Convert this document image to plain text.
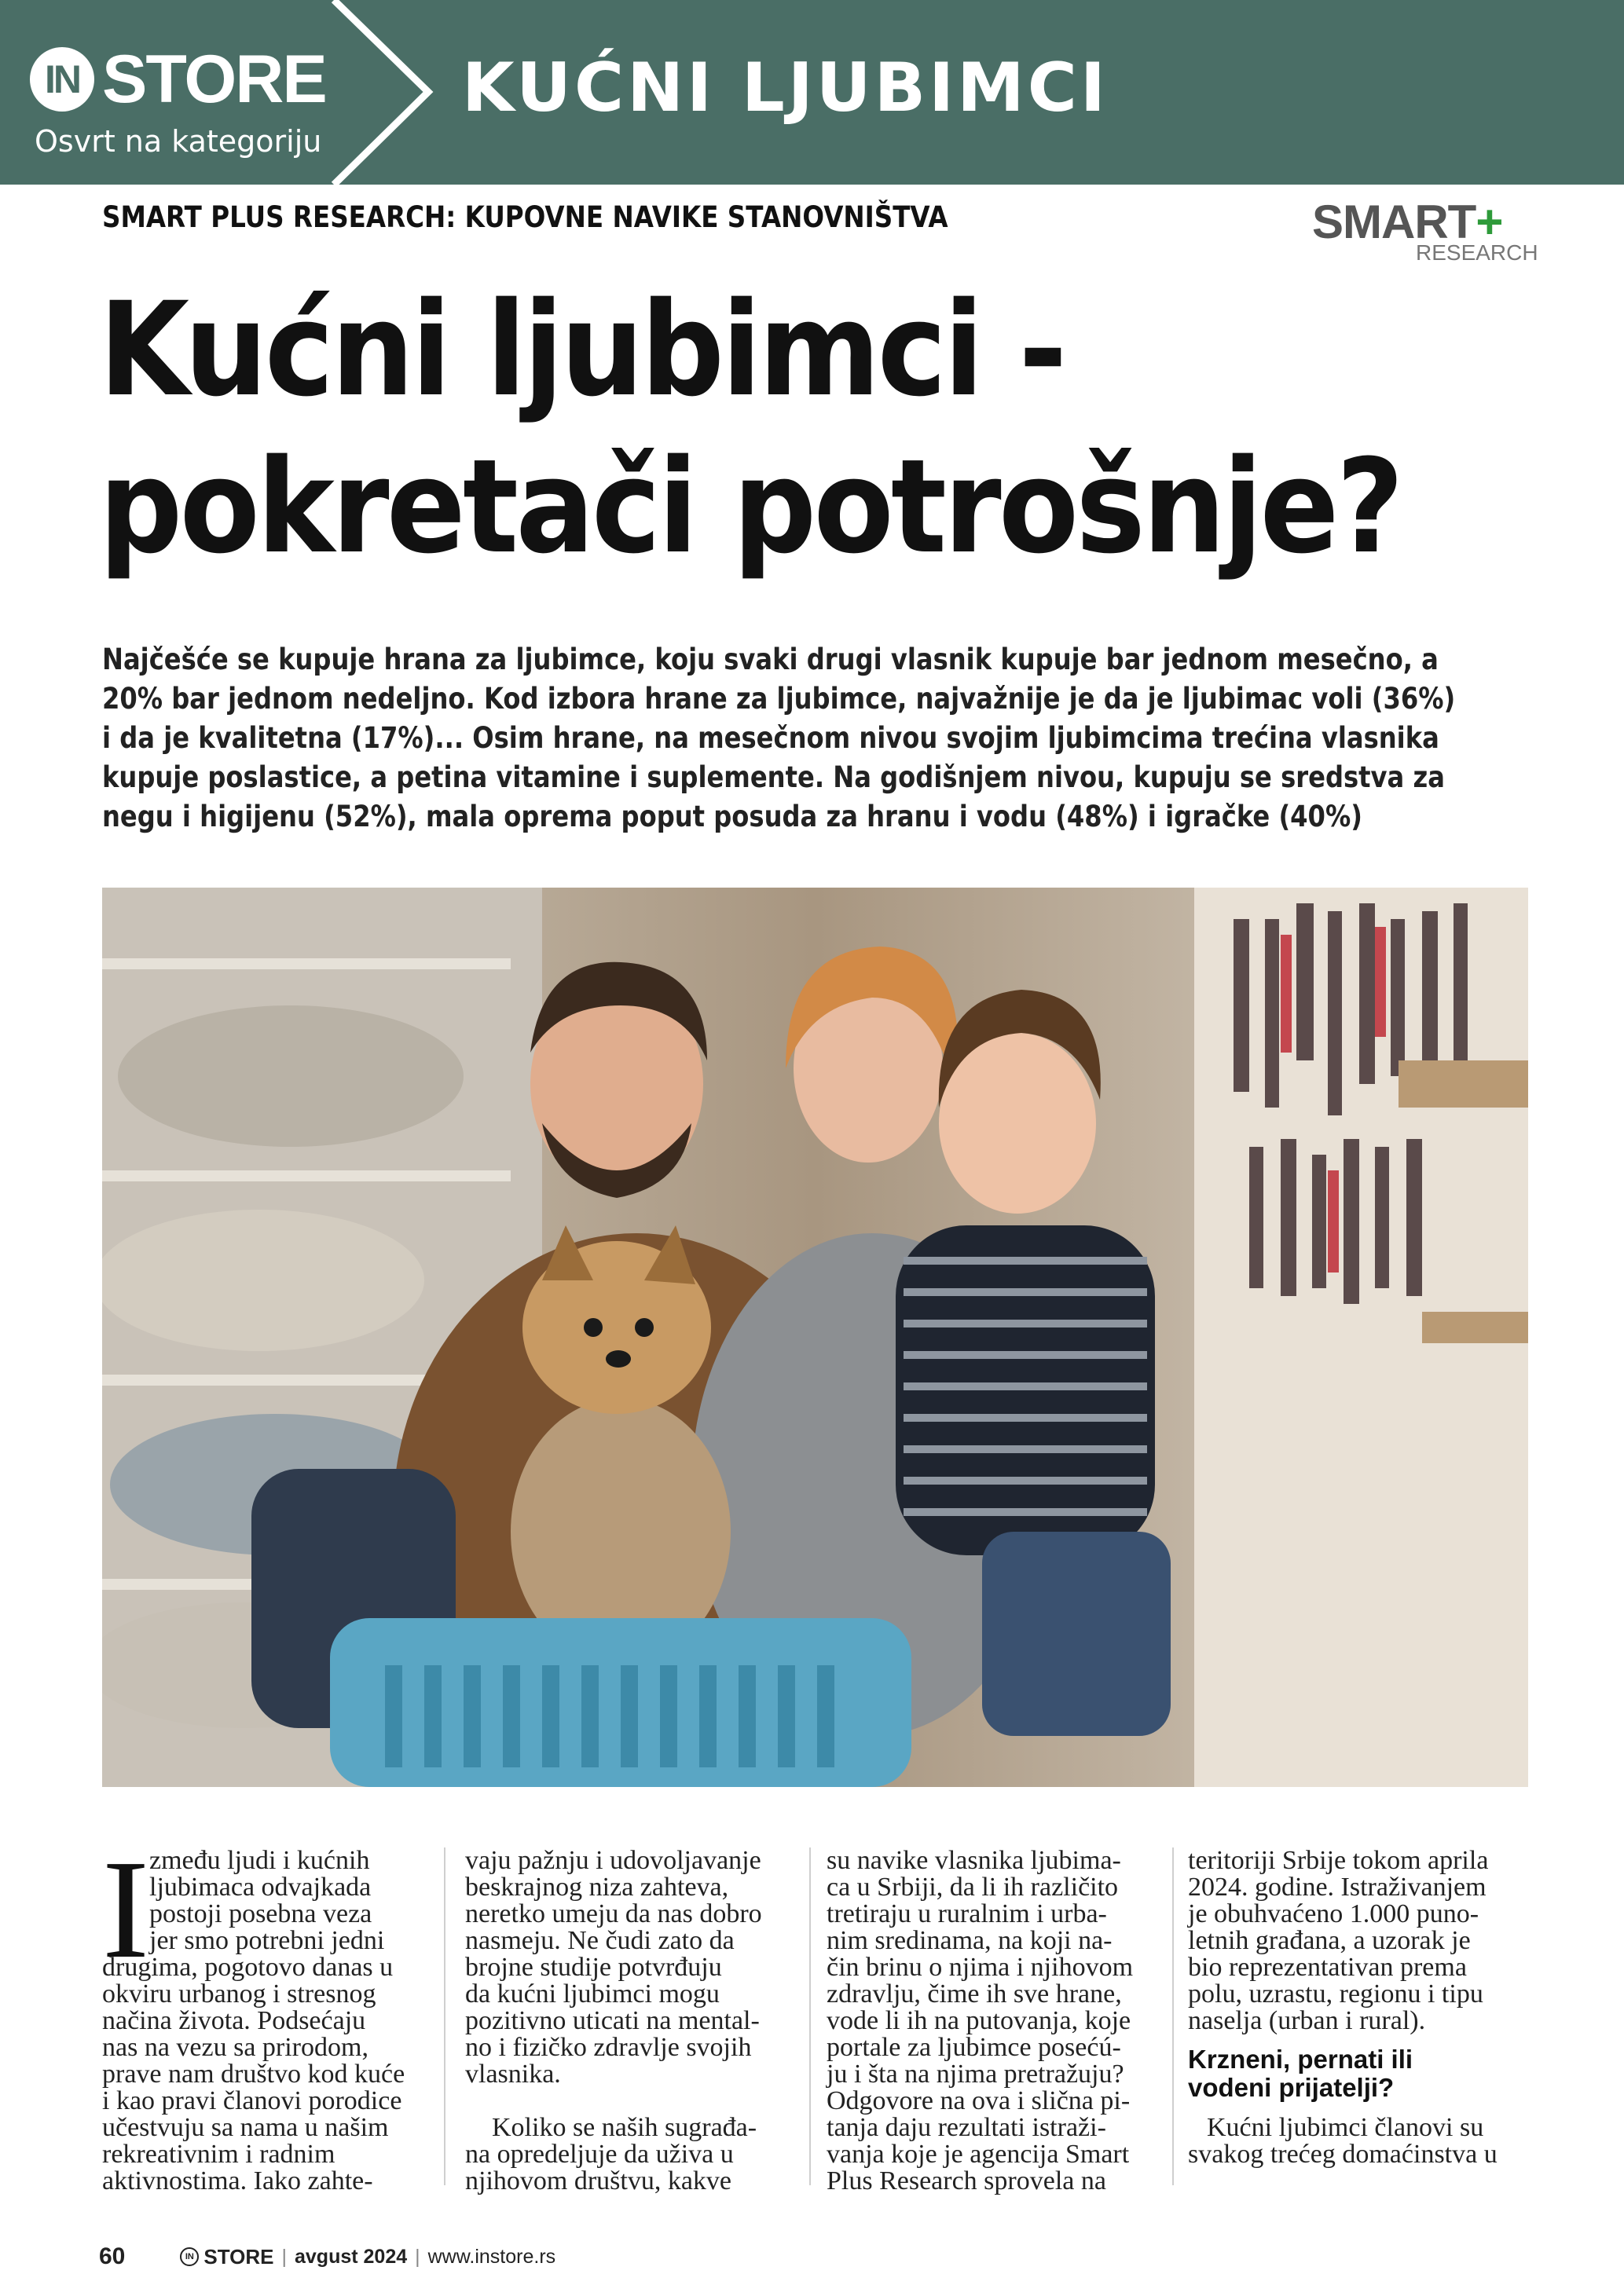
IN STORE
Osvrt na kategoriju
KUĆNI LJUBIMCI
SMART PLUS RESEARCH: KUPOVNE NAVIKE STANOVNIŠTVA	SMART+
RESEARCH
Kućni ljubimci -
pokretači potrošnje?
Najčešće se kupuje hrana za ljubimce, koju svaki drugi vlasnik kupuje bar jednom mesečno, a
20% bar jednom nedeljno. Kod izbora hrane za ljubimce, najvažnije je da je ljubimac voli (36%)
i da je kvalitetna (17%)... Osim hrane, na mesečnom nivou svojim ljubimcima trećina vlasnika
kupuje poslastice, a petina vitamine i suplemente. Na godišnjem nivou, kupuju se sredstva za
negu i higijenu (52%), mala oprema poput posuda za hranu i vodu (48%) i igračke (40%)
I zmeđu ljudi i kućnih
ljubimaca odvajkada
postoji posebna veza
jer smo potrebni jedni
drugima, pogotovo danas u
okviru urbanog i stresnog
načina života. Podsećaju
nas na vezu sa prirodom,
prave nam društvo kod kuće
i kao pravi članovi porodice
učestvuju sa nama u našim
rekreativnim i radnim
aktivnostima. Iako zahte-
vaju pažnju i udovoljavanje
beskrajnog niza zahteva,
neretko umeju da nas dobro
nasmeju. Ne čudi zato da
brojne studije potvrđuju
da kućni ljubimci mogu
pozitivno uticati na mental-
no i fizičko zdravlje svojih
vlasnika.
Koliko se naših sugrađa-
na opredeljuje da uživa u
njihovom društvu, kakve
su navike vlasnika ljubima-
ca u Srbiji, da li ih različito
tretiraju u ruralnim i urba-
nim sredinama, na koji na-
čin brinu o njima i njihovom
zdravlju, čime ih sve hrane,
vode li ih na putovanja, koje
portale za ljubimce posećú-
ju i šta na njima pretražuju?
Odgovore na ova i slična pi-
tanja daju rezultati istraži-
vanja koje je agencija Smart
Plus Research sprovela na
teritoriji Srbije tokom aprila
2024. godine. Istraživanjem
je obuhvaćeno 1.000 puno-
letnih građana, a uzorak je
bio reprezentativan prema
polu, uzrastu, regionu i tipu
naselja (urban i rural).
Krzneni, pernati ili
vodeni prijatelji?
Kućni ljubimci članovi su
svakog trećeg domaćinstva u
60	IN STORE | avgust 2024 | www.instore.rs
